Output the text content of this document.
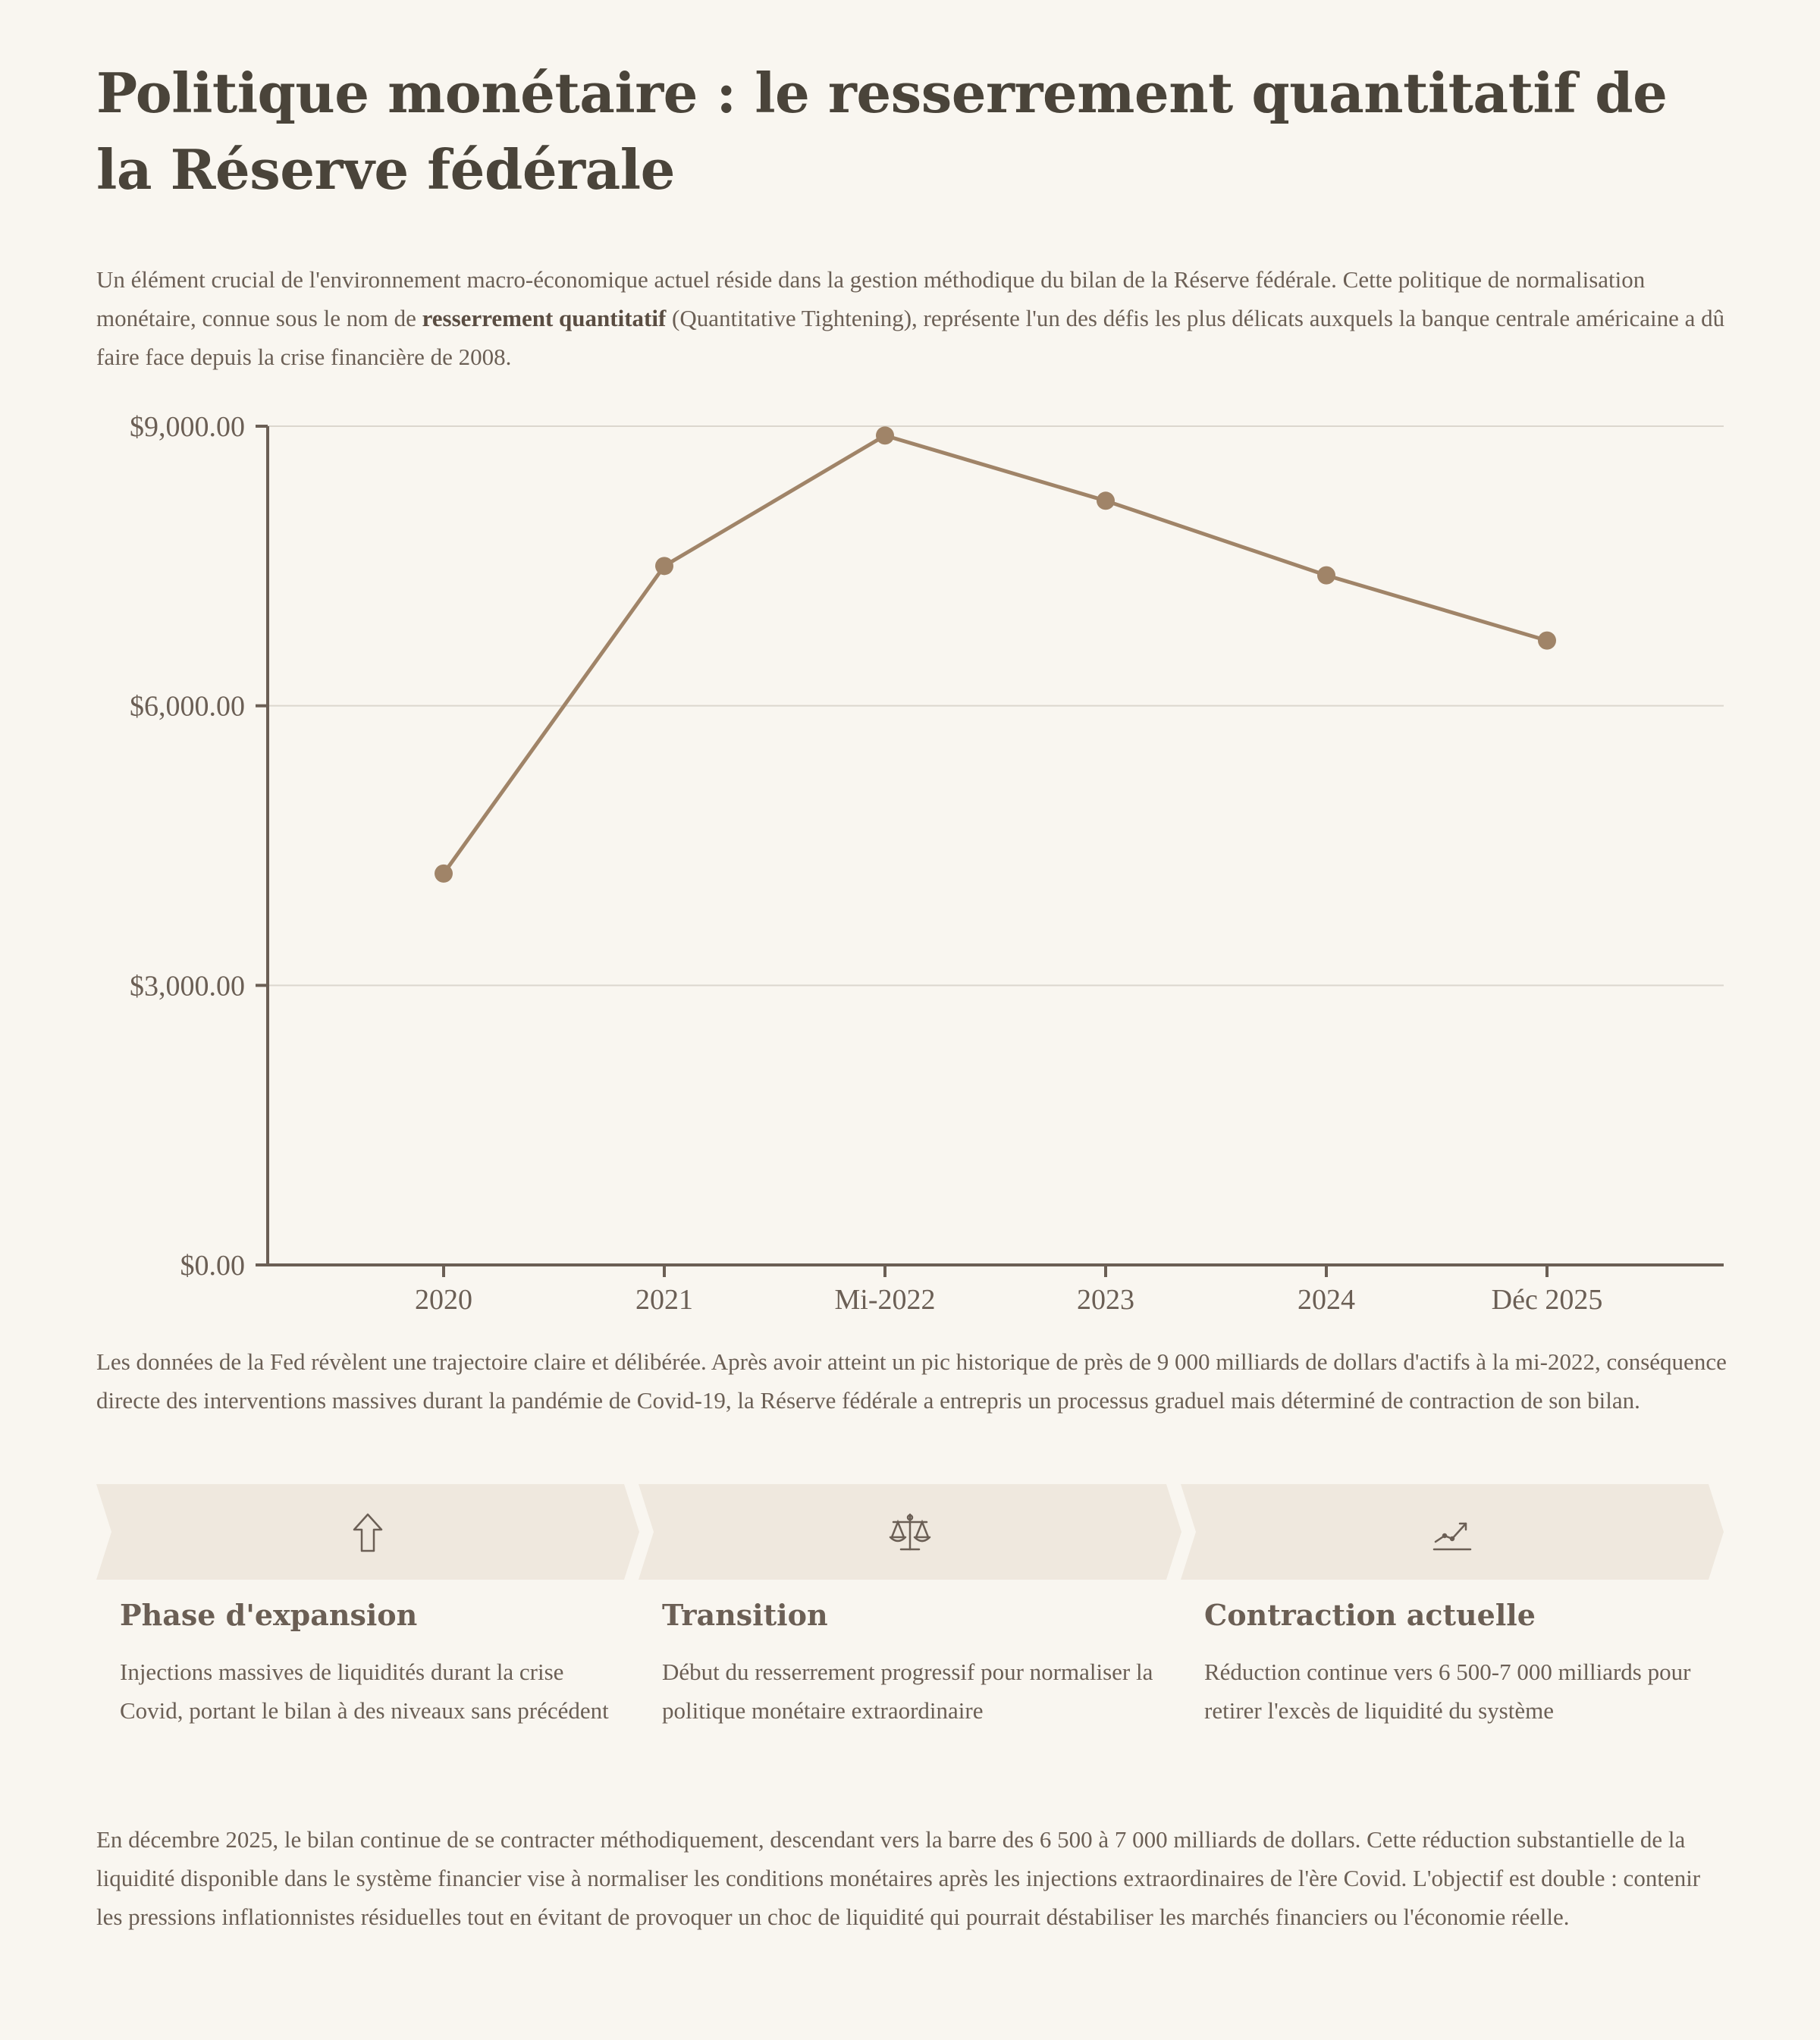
Politique monétaire : le resserrement quantitatif de la Réserve fédérale

Un élément crucial de l'environnement macro-économique actuel réside dans la gestion méthodique du bilan de la Réserve fédérale. Cette politique de normalisation monétaire, connue sous le nom de resserrement quantitatif (Quantitative Tightening), représente l'un des défis les plus délicats auxquels la banque centrale américaine a dû faire face depuis la crise financière de 2008.

$0.00
$3,000.00
$6,000.00
$9,000.00
2020	2021	Mi-2022	2023	2024	Déc 2025

Les données de la Fed révèlent une trajectoire claire et délibérée. Après avoir atteint un pic historique de près de 9 000 milliards de dollars d'actifs à la mi-2022, conséquence directe des interventions massives durant la pandémie de Covid-19, la Réserve fédérale a entrepris un processus graduel mais déterminé de contraction de son bilan.

Phase d'expansion

Injections massives de liquidités durant la crise Covid, portant le bilan à des niveaux sans précédent

Transition

Début du resserrement progressif pour normaliser la politique monétaire extraordinaire

Contraction actuelle

Réduction continue vers 6 500-7 000 milliards pour retirer l'excès de liquidité du système

En décembre 2025, le bilan continue de se contracter méthodiquement, descendant vers la barre des 6 500 à 7 000 milliards de dollars. Cette réduction substantielle de la liquidité disponible dans le système financier vise à normaliser les conditions monétaires après les injections extraordinaires de l'ère Covid. L'objectif est double : contenir les pressions inflationnistes résiduelles tout en évitant de provoquer un choc de liquidité qui pourrait déstabiliser les marchés financiers ou l'économie réelle.
